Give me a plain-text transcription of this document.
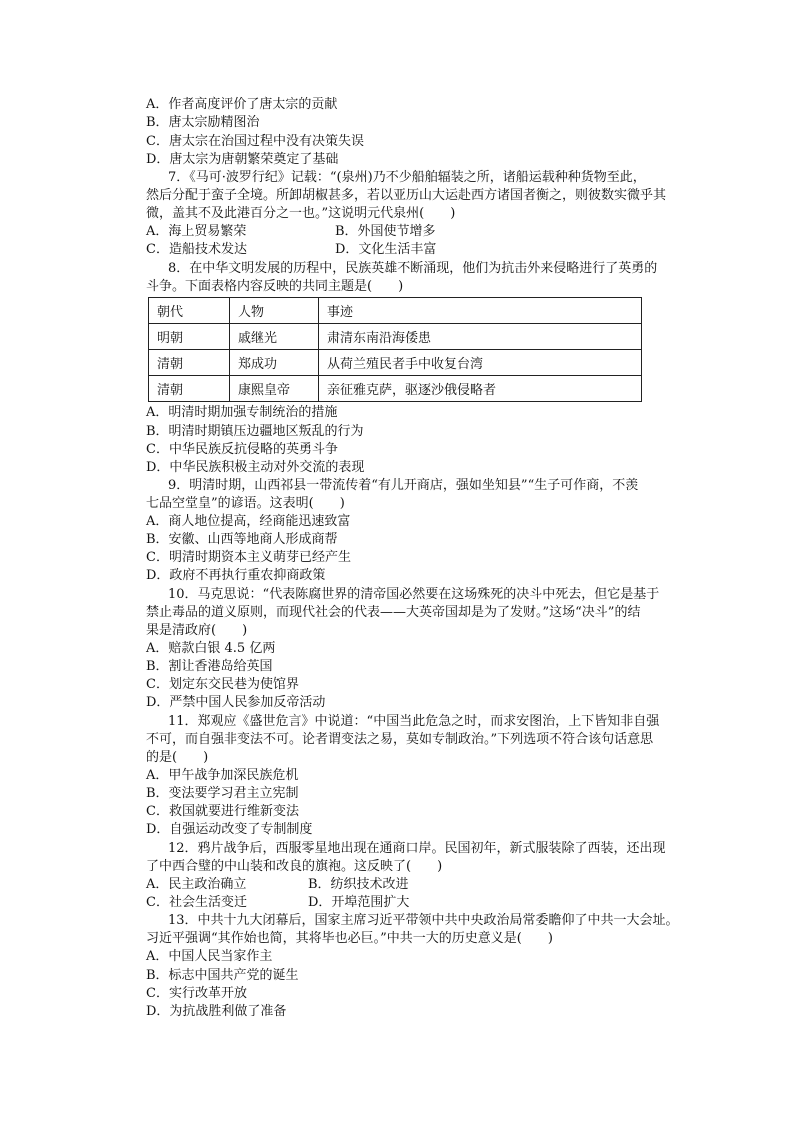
A．作者高度评价了唐太宗的贡献
B．唐太宗励精图治
C．唐太宗在治国过程中没有决策失误
D．唐太宗为唐朝繁荣奠定了基础
7．《马可·波罗行纪》记载：“(泉州)乃不少船舶辐装之所，诸船运载种种货物至此，
然后分配于蛮子全境。所卸胡椒甚多，若以亚历山大运赴西方诸国者衡之，则彼数实微乎其
微，盖其不及此港百分之一也。”这说明元代泉州(　　)
A．海上贸易繁荣	B．外国使节增多
C．造船技术发达	D．文化生活丰富
8．在中华文明发展的历程中，民族英雄不断涌现，他们为抗击外来侵略进行了英勇的
斗争。下面表格内容反映的共同主题是(　　)
朝代	人物	事迹
明朝	戚继光	肃清东南沿海倭患
清朝	郑成功	从荷兰殖民者手中收复台湾
清朝	康熙皇帝	亲征雅克萨，驱逐沙俄侵略者
A．明清时期加强专制统治的措施
B．明清时期镇压边疆地区叛乱的行为
C．中华民族反抗侵略的英勇斗争
D．中华民族积极主动对外交流的表现
9．明清时期，山西祁县一带流传着“有儿开商店，强如坐知县”“生子可作商，不羡
七品空堂皇”的谚语。这表明(　　)
A．商人地位提高，经商能迅速致富
B．安徽、山西等地商人形成商帮
C．明清时期资本主义萌芽已经产生
D．政府不再执行重农抑商政策
10．马克思说：“代表陈腐世界的清帝国必然要在这场殊死的决斗中死去，但它是基于
禁止毒品的道义原则，而现代社会的代表——大英帝国却是为了发财。”这场“决斗”的结
果是清政府(　　)
A．赔款白银 4.5 亿两
B．割让香港岛给英国
C．划定东交民巷为使馆界
D．严禁中国人民参加反帝活动
11．郑观应《盛世危言》中说道：“中国当此危急之时，而求安图治，上下皆知非自强
不可，而自强非变法不可。论者谓变法之易，莫如专制政治。”下列选项不符合该句话意思
的是(　　)
A．甲午战争加深民族危机
B．变法要学习君主立宪制
C．救国就要进行维新变法
D．自强运动改变了专制制度
12．鸦片战争后，西服零星地出现在通商口岸。民国初年，新式服装除了西装，还出现
了中西合璧的中山装和改良的旗袍。这反映了(　　)
A．民主政治确立	B．纺织技术改进
C．社会生活变迁	D．开埠范围扩大
13．中共十九大闭幕后，国家主席习近平带领中共中央政治局常委瞻仰了中共一大会址。
习近平强调“其作始也简，其将毕也必巨。”中共一大的历史意义是(　　)
A．中国人民当家作主
B．标志中国共产党的诞生
C．实行改革开放
D．为抗战胜利做了准备
